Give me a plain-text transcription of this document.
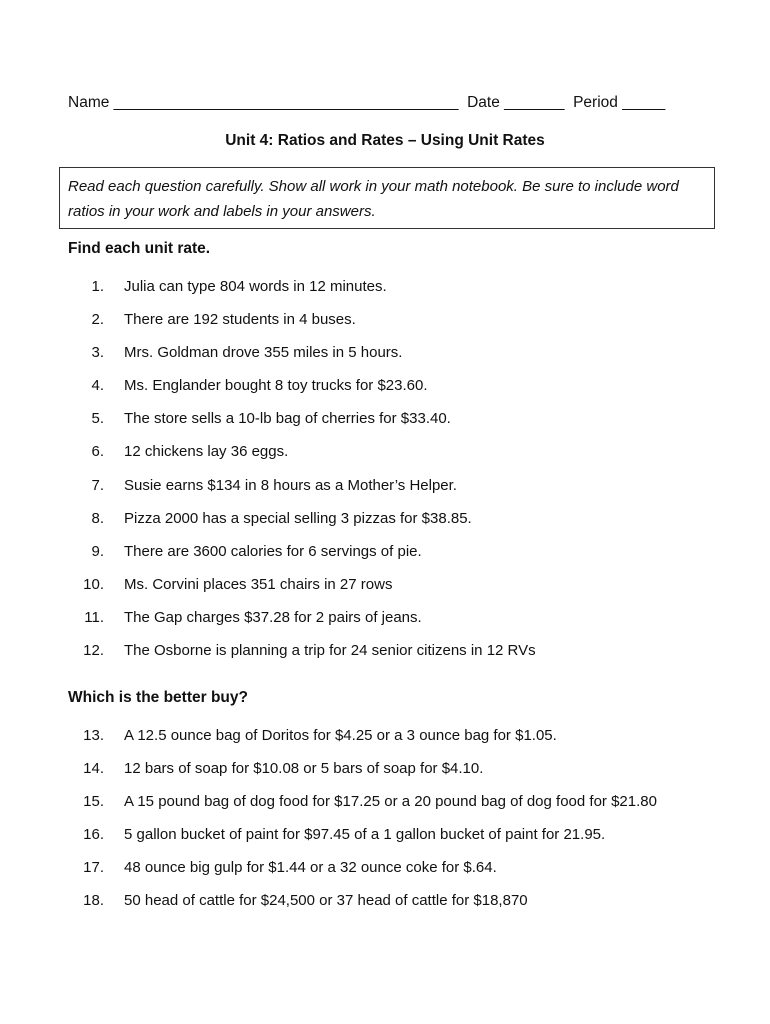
Name ________________________________________  Date _______  Period _____
Unit 4: Ratios and Rates – Using Unit Rates
Read each question carefully. Show all work in your math notebook. Be sure to include word ratios in your work and labels in your answers.
Find each unit rate.
1. Julia can type 804 words in 12 minutes.
2. There are 192 students in 4 buses.
3. Mrs. Goldman drove 355 miles in 5 hours.
4. Ms. Englander bought 8 toy trucks for $23.60.
5. The store sells a 10-lb bag of cherries for $33.40.
6. 12 chickens lay 36 eggs.
7. Susie earns $134 in 8 hours as a Mother’s Helper.
8. Pizza 2000 has a special selling 3 pizzas for $38.85.
9. There are 3600 calories for 6 servings of pie.
10. Ms. Corvini places 351 chairs in 27 rows
11. The Gap charges $37.28 for 2 pairs of jeans.
12. The Osborne is planning a trip for 24 senior citizens in 12 RVs
Which is the better buy?
13. A 12.5 ounce bag of Doritos for $4.25 or a 3 ounce bag for $1.05.
14. 12 bars of soap for $10.08 or 5 bars of soap for $4.10.
15. A 15 pound bag of dog food for $17.25 or a 20 pound bag of dog food for $21.80
16. 5 gallon bucket of paint for $97.45 of a 1 gallon bucket of paint for 21.95.
17. 48 ounce big gulp for $1.44 or a 32 ounce coke for $.64.
18. 50 head of cattle for $24,500 or 37 head of cattle for $18,870
